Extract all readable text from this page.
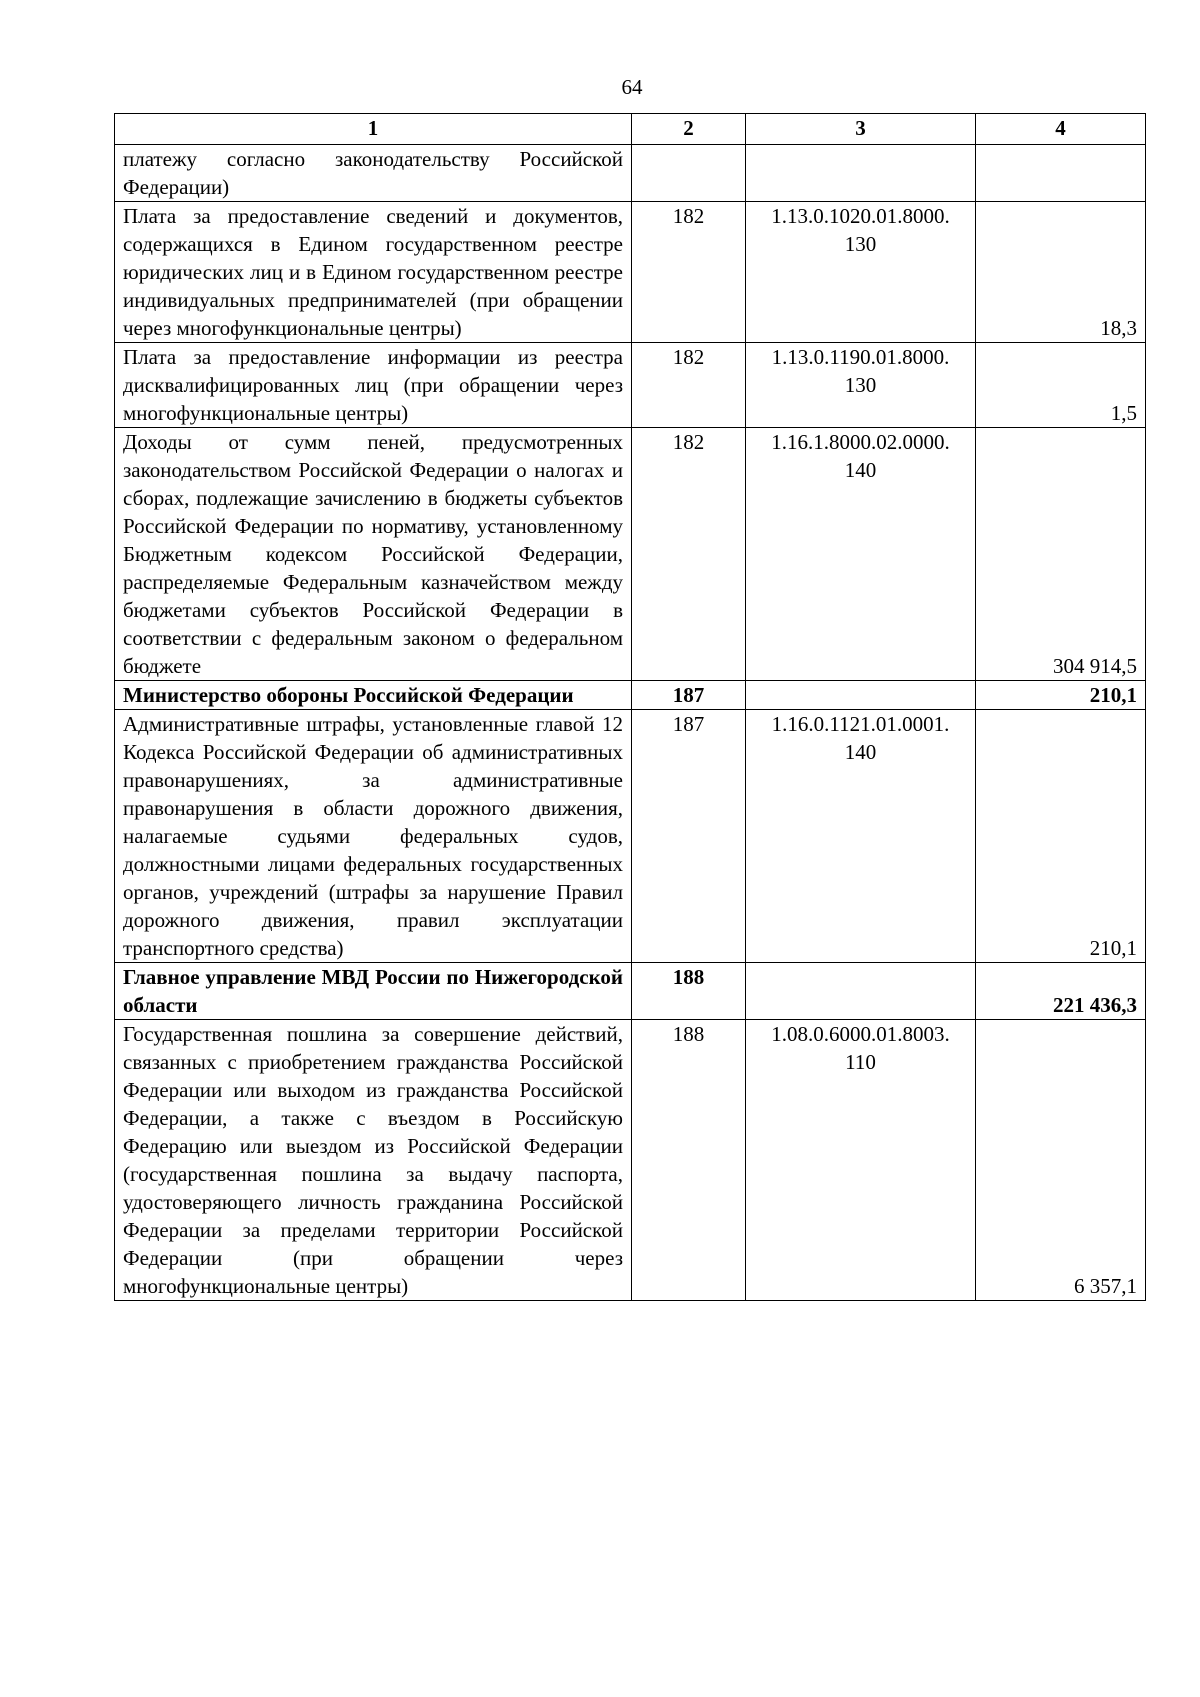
64
1	2	3	4
платежу согласно законодательству Российской Федерации)			
Плата за предоставление сведений и документов, содержащихся в Едином государственном реестре юридических лиц и в Едином государственном реестре индивидуальных предпринимателей (при обращении через многофункциональные центры)	182	1.13.0.1020.01.8000. 130	18,3
Плата за предоставление информации из реестра дисквалифицированных лиц (при обращении через многофункциональные центры)	182	1.13.0.1190.01.8000. 130	1,5
Доходы от сумм пеней, предусмотренных законодательством Российской Федерации о налогах и сборах, подлежащие зачислению в бюджеты субъектов Российской Федерации по нормативу, установленному Бюджетным кодексом Российской Федерации, распределяемые Федеральным казначейством между бюджетами субъектов Российской Федерации в соответствии с федеральным законом о федеральном бюджете	182	1.16.1.8000.02.0000. 140	304 914,5
Министерство обороны Российской Федерации	187		210,1
Административные штрафы, установленные главой 12 Кодекса Российской Федерации об административных правонарушениях, за административные правонарушения в области дорожного движения, налагаемые судьями федеральных судов, должностными лицами федеральных государственных органов, учреждений (штрафы за нарушение Правил дорожного движения, правил эксплуатации транспортного средства)	187	1.16.0.1121.01.0001. 140	210,1
Главное управление МВД России по Нижегородской области	188		221 436,3
Государственная пошлина за совершение действий, связанных с приобретением гражданства Российской Федерации или выходом из гражданства Российской Федерации, а также с въездом в Российскую Федерацию или выездом из Российской Федерации (государственная пошлина за выдачу паспорта, удостоверяющего личность гражданина Российской Федерации за пределами территории Российской Федерации (при обращении через многофункциональные центры)	188	1.08.0.6000.01.8003. 110	6 357,1
